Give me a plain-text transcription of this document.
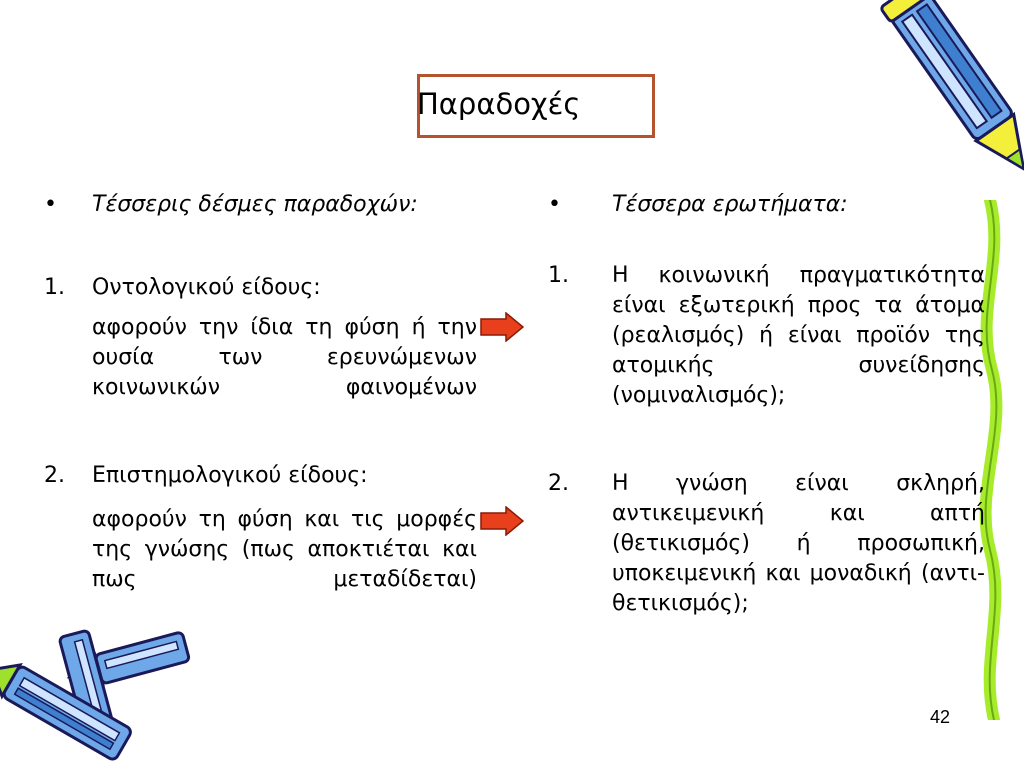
Παραδοχές
• Τέσσερις δέσμες παραδοχών:
1. Οντολογικού είδους:
αφορούν την ίδια τη φύση ή την ουσία των ερευνώμενων κοινωνικών φαινομένων
2. Επιστημολογικού είδους:
αφορούν τη φύση και τις μορφές της γνώσης (πως αποκτιέται και πως μεταδίδεται)
• Τέσσερα ερωτήματα:
1. Η κοινωνική πραγματικότητα είναι εξωτερική προς τα άτομα (ρεαλισμός) ή είναι προϊόν της ατομικής συνείδησης (νομιναλισμός);
2. Η γνώση είναι σκληρή, αντικειμενική και απτή (θετικισμός) ή προσωπική, υποκειμενική και μοναδική (αντι-θετικισμός);
42
